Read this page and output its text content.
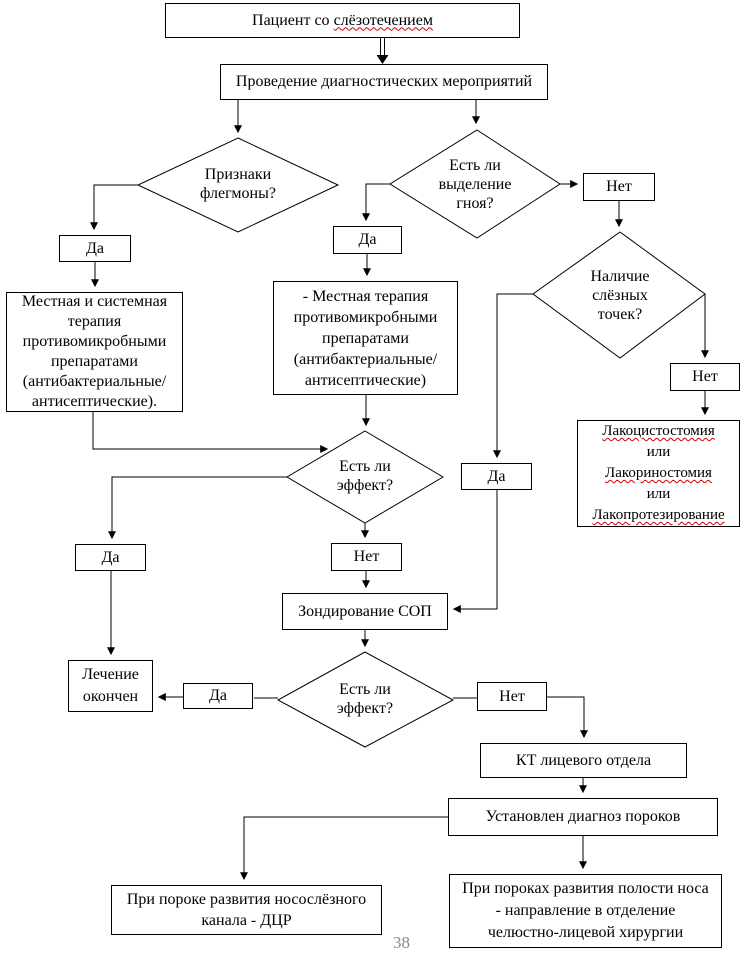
Пациент со слёзотечением
Проведение диагностических мероприятий
Да
Местная и системная
терапия
противомикробными
препаратами
(антибактериальные/
антисептические).
Да
- Местная терапия
противомикробными
препаратами
(антибактериальные/
антисептические)
Нет
Нет
Лакоцистостомия
или
Лакориностомия
или
Лакопротезирование
Да
Да	Нет
Зондирование СОП
Лечение
окончен	Да	Нет
КТ лицевого отдела
Установлен диагноз пороков
При пороке развития носослёзного
канала - ДЦР
При пороках развития полости носа
- направление в отделение
челюстно-лицевой хирургии
Признаки
флегмоны?
Есть ли
выделение
гноя?
Наличие
слёзных
точек?
Есть ли
эффект?
Есть ли
эффект?
38
